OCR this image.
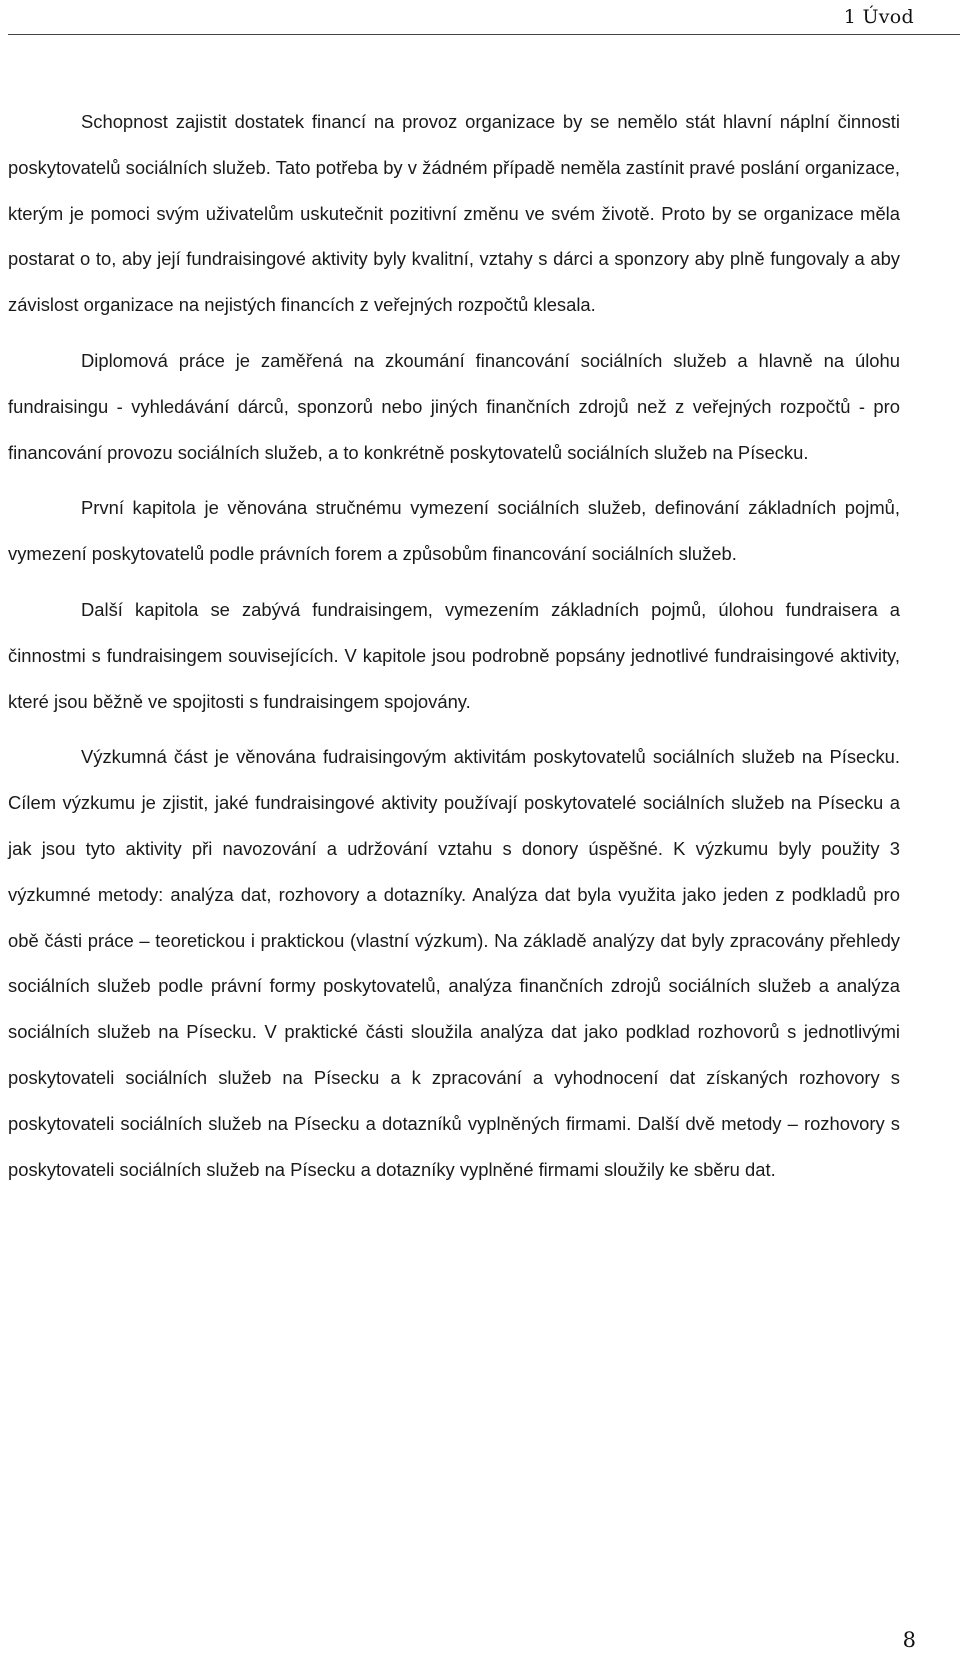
1 Úvod

Schopnost zajistit dostatek financí na provoz organizace by se nemělo stát hlavní náplní činnosti poskytovatelů sociálních služeb. Tato potřeba by v žádném případě neměla zastínit pravé poslání organizace, kterým je pomoci svým uživatelům uskutečnit pozitivní změnu ve svém životě. Proto by se organizace měla postarat o to, aby její fundraisingové aktivity byly kvalitní, vztahy s dárci a sponzory aby plně fungovaly a aby závislost organizace na nejistých financích z veřejných rozpočtů klesala.

Diplomová práce je zaměřená na zkoumání financování sociálních služeb a hlavně na úlohu fundraisingu - vyhledávání dárců, sponzorů nebo jiných finančních zdrojů než z veřejných rozpočtů - pro financování provozu sociálních služeb, a to konkrétně poskytovatelů sociálních služeb na Písecku.

První kapitola je věnována stručnému vymezení sociálních služeb, definování základních pojmů, vymezení poskytovatelů podle právních forem a způsobům financování sociálních služeb.

Další kapitola se zabývá fundraisingem, vymezením základních pojmů, úlohou fundraisera a činnostmi s fundraisingem souvisejících. V kapitole jsou podrobně popsány jednotlivé fundraisingové aktivity, které jsou běžně ve spojitosti s fundraisingem spojovány.

Výzkumná část je věnována fudraisingovým aktivitám poskytovatelů sociálních služeb na Písecku. Cílem výzkumu je zjistit, jaké fundraisingové aktivity používají poskytovatelé sociálních služeb na Písecku a jak jsou tyto aktivity při navozování a udržování vztahu s donory úspěšné. K výzkumu byly použity 3 výzkumné metody: analýza dat, rozhovory a dotazníky. Analýza dat byla využita jako jeden z podkladů pro obě části práce – teoretickou i praktickou (vlastní výzkum). Na základě analýzy dat byly zpracovány přehledy sociálních služeb podle právní formy poskytovatelů, analýza finančních zdrojů sociálních služeb a analýza sociálních služeb na Písecku. V praktické části sloužila analýza dat jako podklad rozhovorů s jednotlivými poskytovateli sociálních služeb na Písecku a k zpracování a vyhodnocení dat získaných rozhovory s poskytovateli sociálních služeb na Písecku a dotazníků vyplněných firmami. Další dvě metody – rozhovory s poskytovateli sociálních služeb na Písecku a dotazníky vyplněné firmami sloužily ke sběru dat.

8
